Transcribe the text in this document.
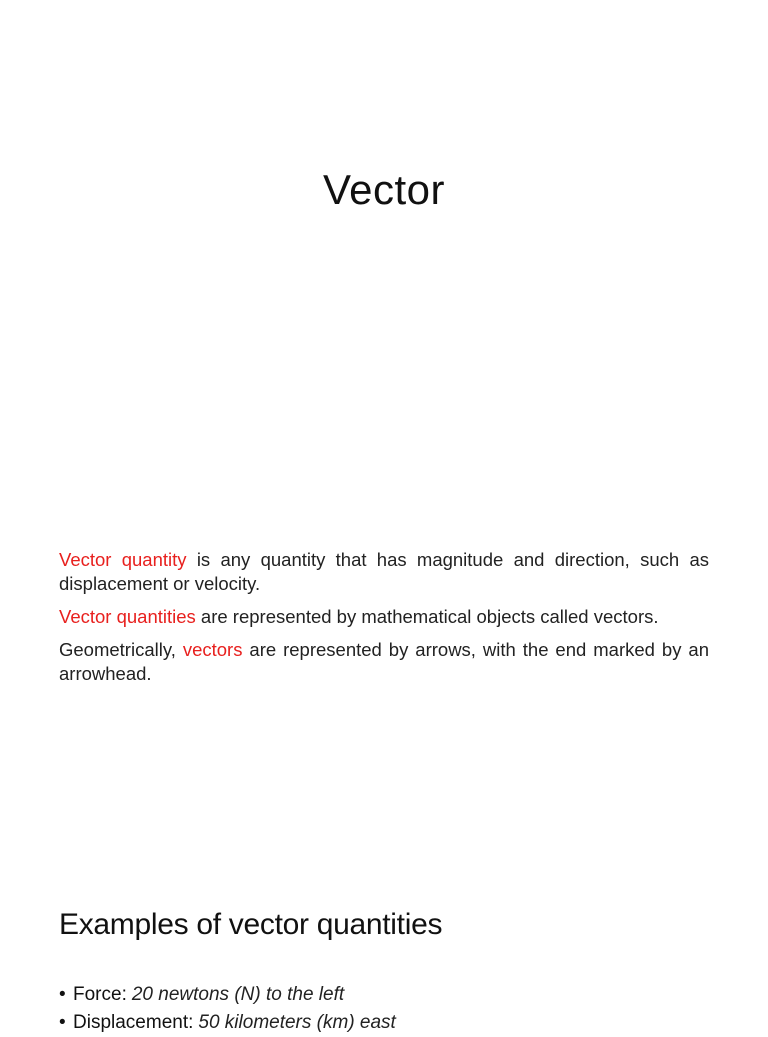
Vector

Vector quantity is any quantity that has magnitude and direction, such as displacement or velocity.

Vector quantities are represented by mathematical objects called vectors.

Geometrically, vectors are represented by arrows, with the end marked by an arrowhead.

Examples of vector quantities
• Force: 20 newtons (N) to the left
• Displacement: 50 kilometers (km) east
